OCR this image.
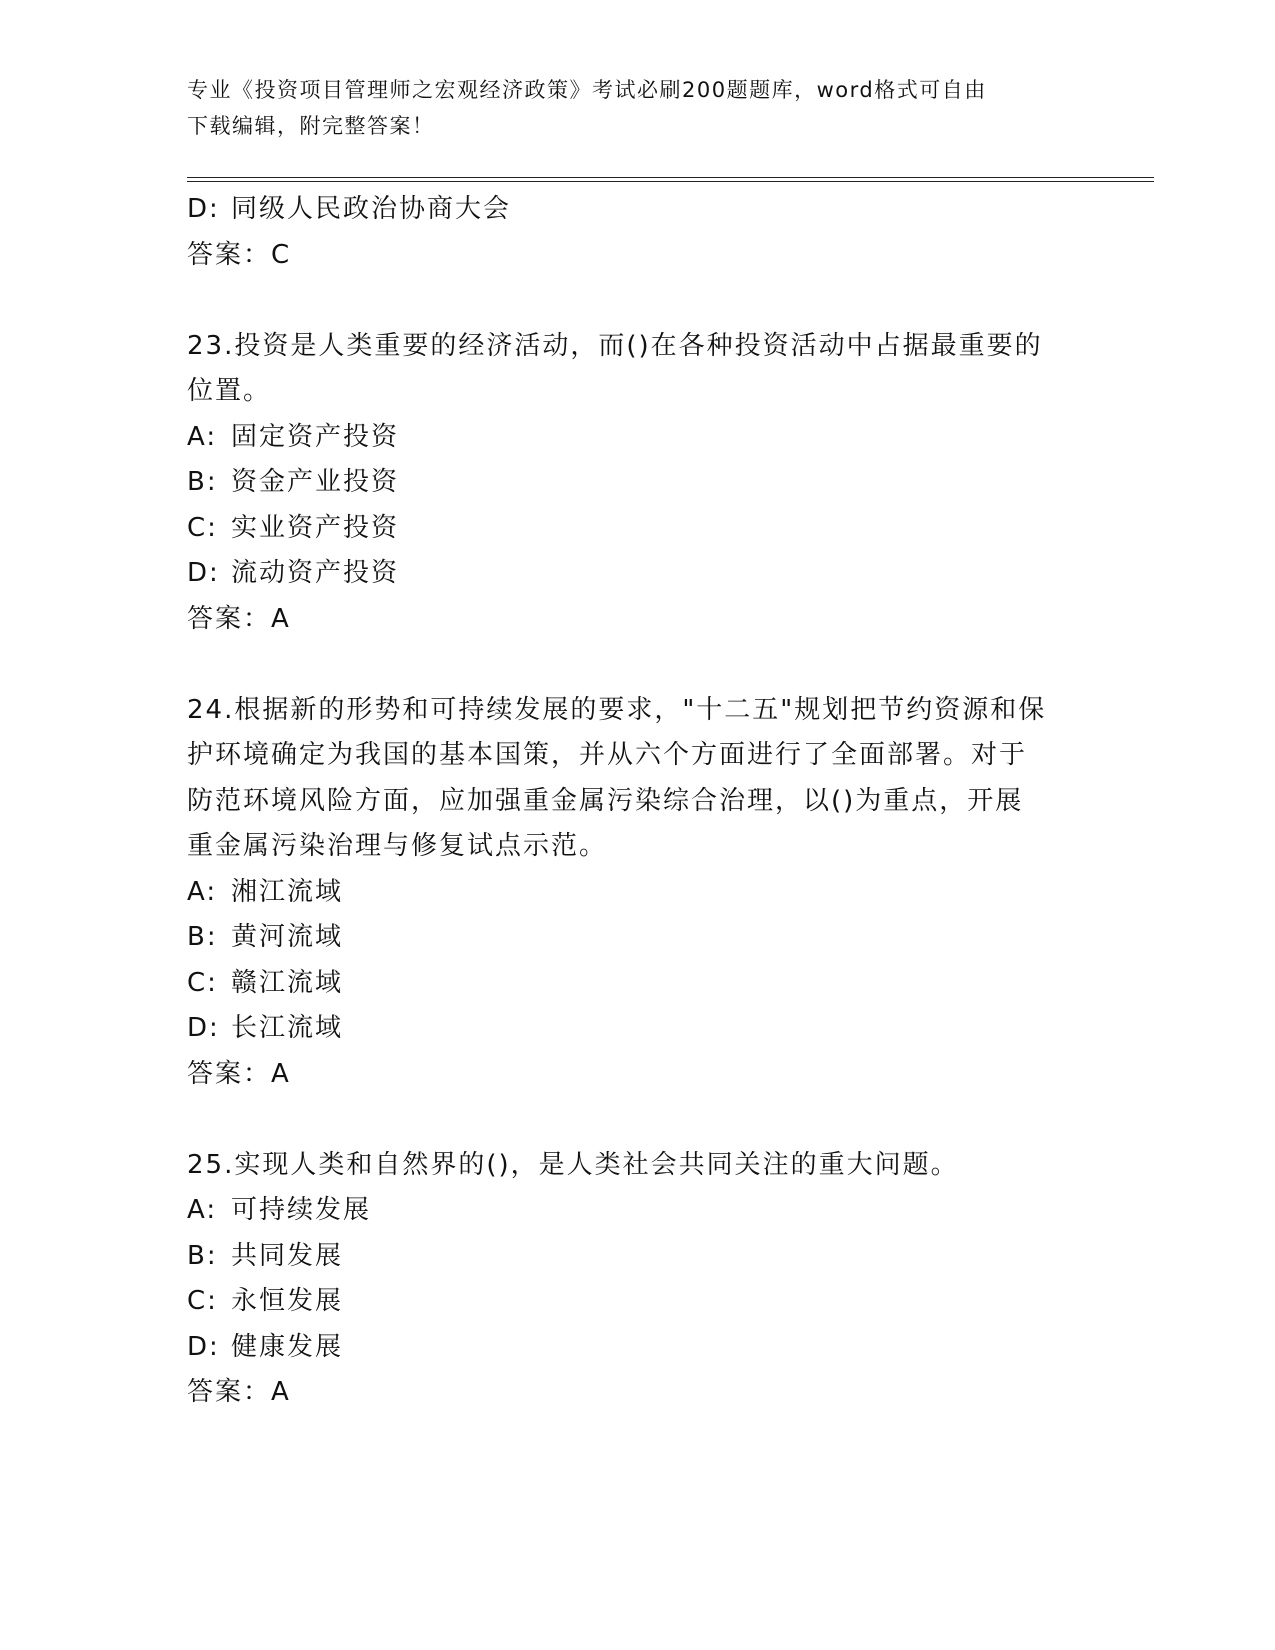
专业《投资项目管理师之宏观经济政策》考试必刷200题题库，word格式可自由
下载编辑，附完整答案！
D: 同级人民政治协商大会
答案：C
23.投资是人类重要的经济活动，而()在各种投资活动中占据最重要的
位置。
A: 固定资产投资
B: 资金产业投资
C: 实业资产投资
D: 流动资产投资
答案：A
24.根据新的形势和可持续发展的要求，"十二五"规划把节约资源和保
护环境确定为我国的基本国策，并从六个方面进行了全面部署。对于
防范环境风险方面，应加强重金属污染综合治理，以()为重点，开展
重金属污染治理与修复试点示范。
A: 湘江流域
B: 黄河流域
C: 赣江流域
D: 长江流域
答案：A
25.实现人类和自然界的()，是人类社会共同关注的重大问题。
A: 可持续发展
B: 共同发展
C: 永恒发展
D: 健康发展
答案：A
